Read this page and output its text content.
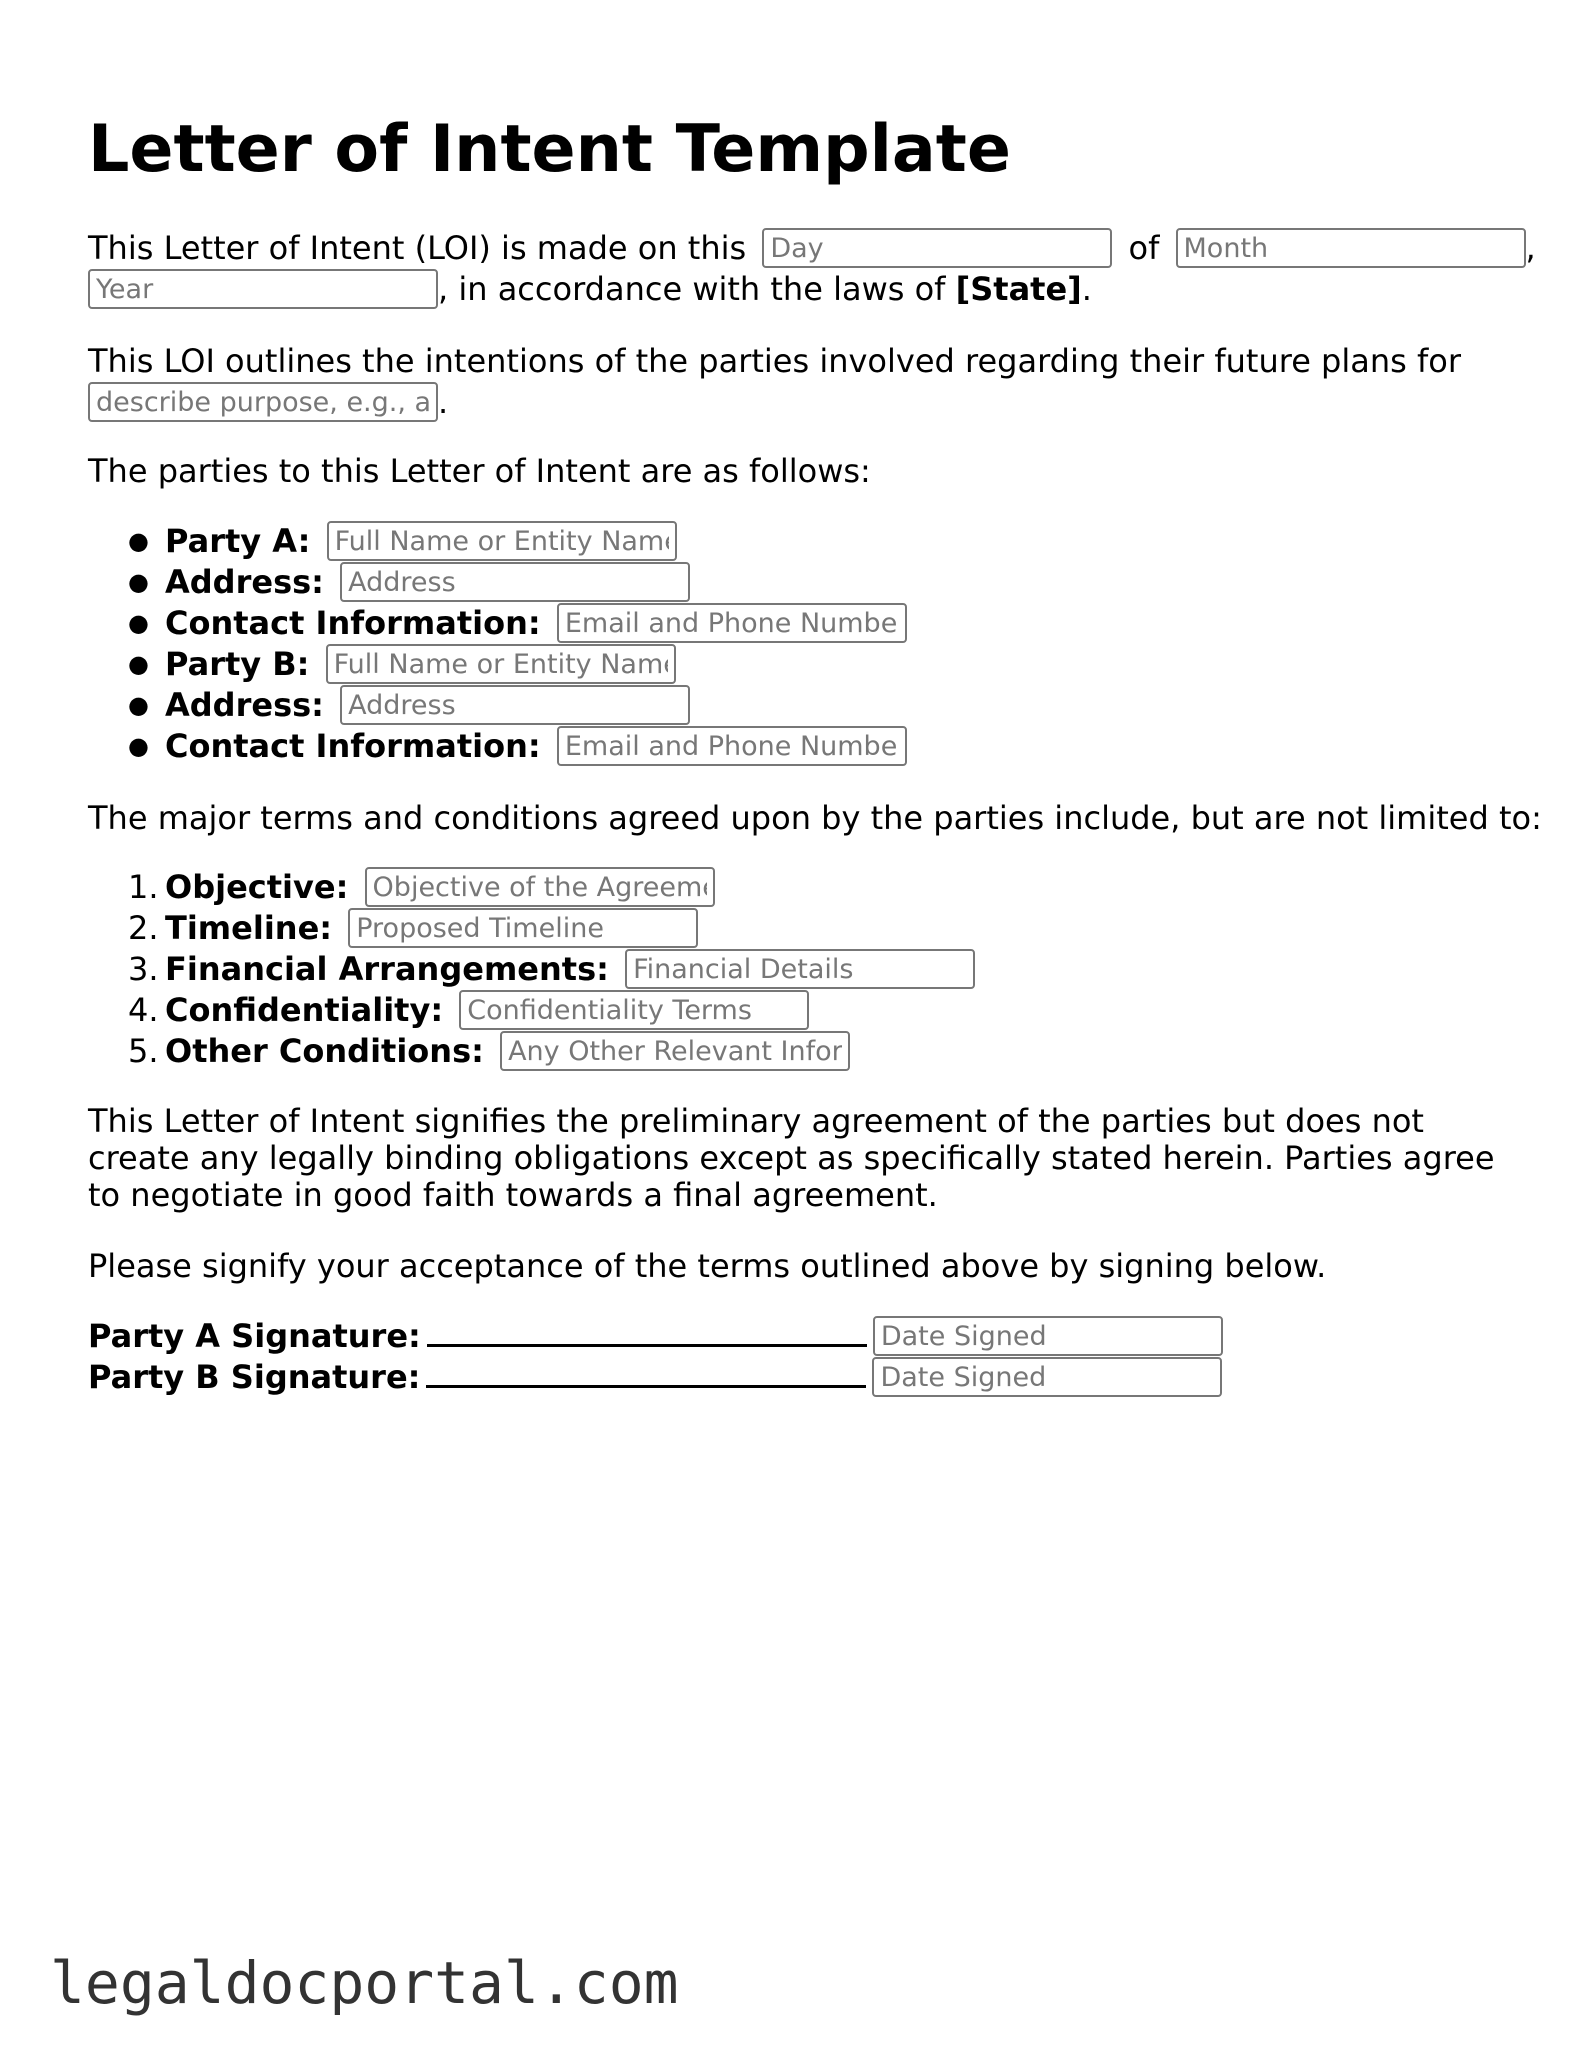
Letter of Intent Template
This Letter of Intent (LOI) is made on this Day	of Month	,
Year, in accordance with the laws of [State].
This LOI outlines the intentions of the parties involved regarding their future plans for
describe purpose, e.g., a b.
The parties to this Letter of Intent are as follows:
● Party A: Full Name or Entity Name
● Address: Address
● Contact Information: Email and Phone Number
● Party B: Full Name or Entity Name
● Address: Address
● Contact Information: Email and Phone Number
The major terms and conditions agreed upon by the parties include, but are not limited to:
1. Objective: Objective of the Agreemer
2. Timeline: Proposed Timeline
3. Financial Arrangements: Financial Details
4. Confidentiality: Confidentiality Terms
5. Other Conditions: Any Other Relevant Inform
This Letter of Intent signifies the preliminary agreement of the parties but does not create any legally binding obligations except as specifically stated herein. Parties agree to negotiate in good faith towards a final agreement.
Please signify your acceptance of the terms outlined above by signing below.
Party A Signature:Date Signed
Party B Signature:Date Signed
legaldocportal.com
